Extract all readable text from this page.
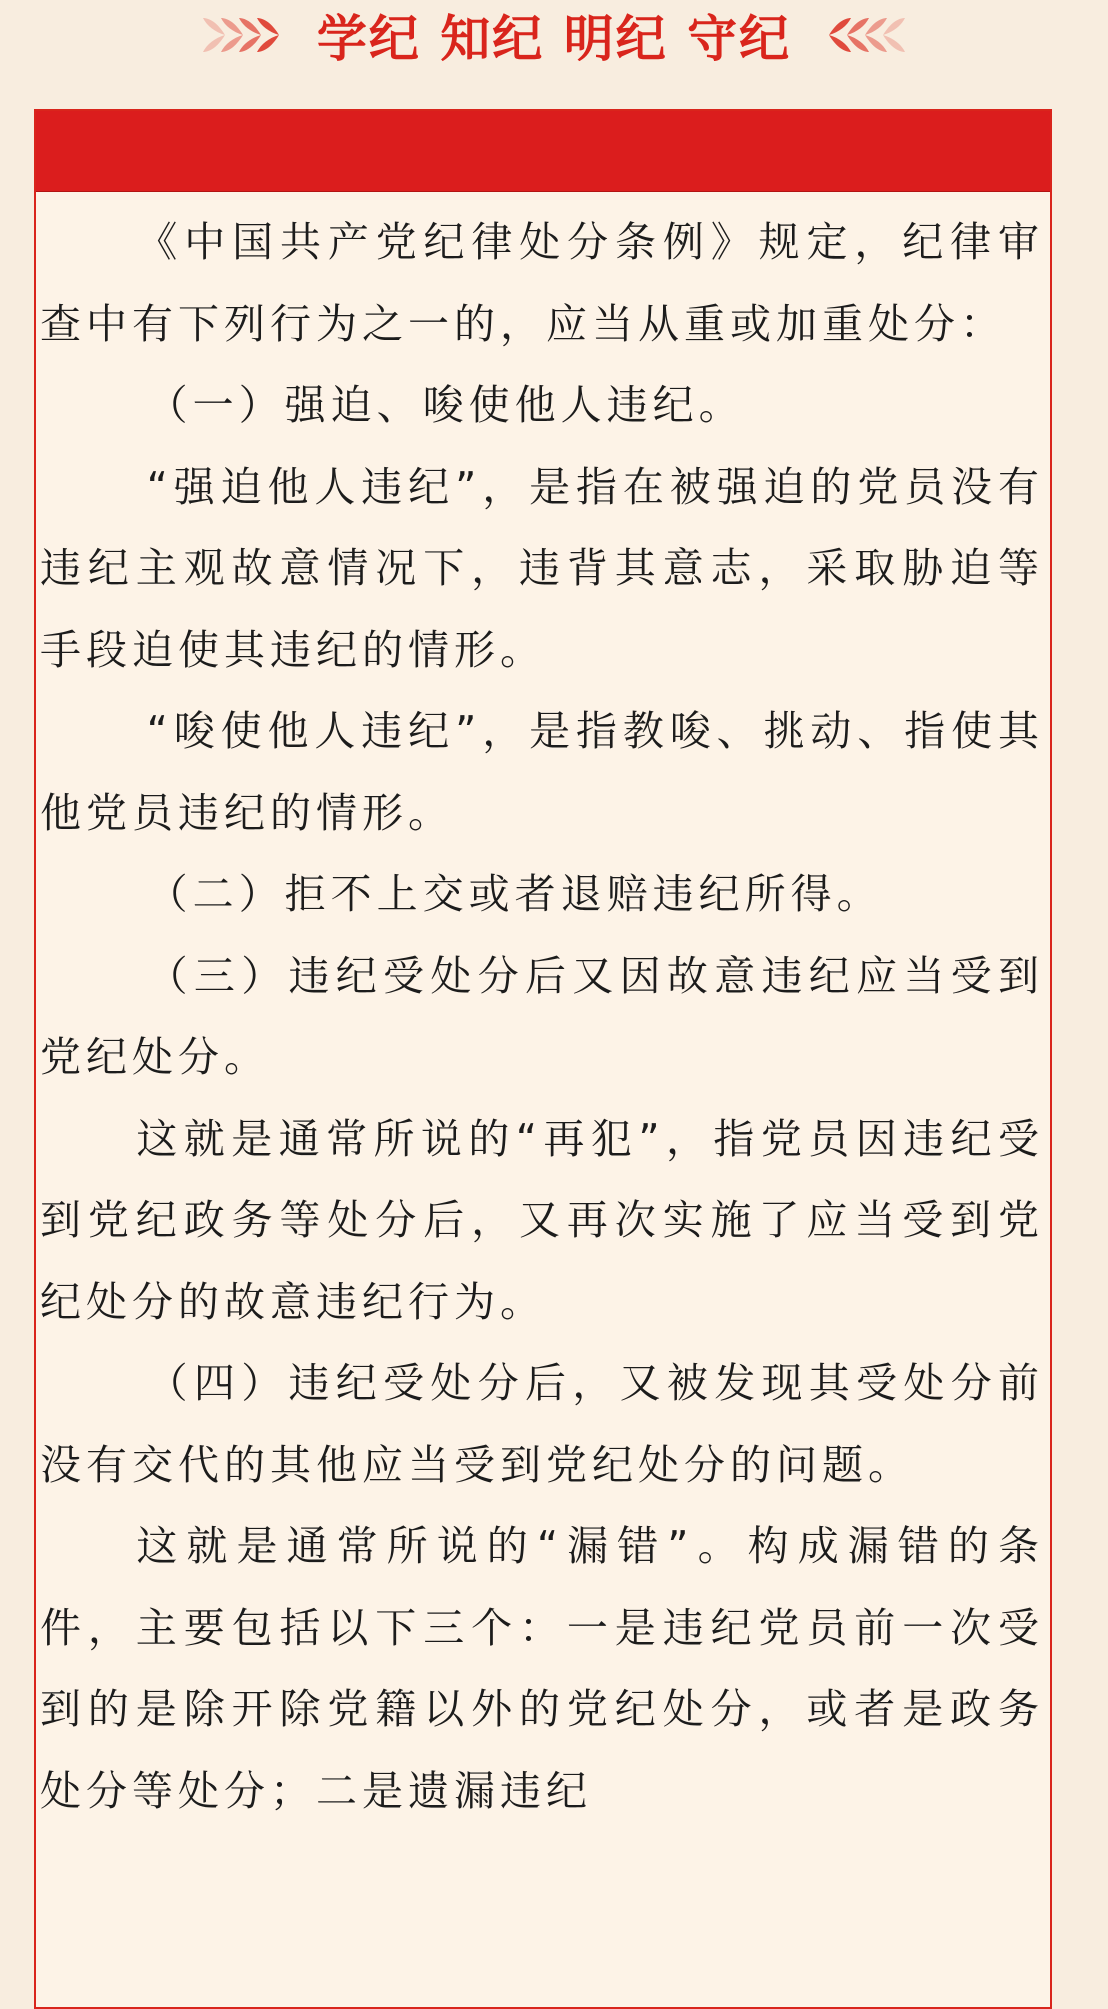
学纪 知纪 明纪 守纪

《中国共产党纪律处分条例》规定，纪律审查中有下列行为之一的，应当从重或加重处分：

（一）强迫、唆使他人违纪。

“强迫他人违纪”，是指在被强迫的党员没有违纪主观故意情况下，违背其意志，采取胁迫等手段迫使其违纪的情形。

“唆使他人违纪”，是指教唆、挑动、指使其他党员违纪的情形。

（二）拒不上交或者退赔违纪所得。

（三）违纪受处分后又因故意违纪应当受到党纪处分。

这就是通常所说的“再犯”，指党员因违纪受到党纪政务等处分后，又再次实施了应当受到党纪处分的故意违纪行为。

（四）违纪受处分后，又被发现其受处分前没有交代的其他应当受到党纪处分的问题。

这就是通常所说的“漏错”。构成漏错的条件，主要包括以下三个：一是违纪党员前一次受到的是除开除党籍以外的党纪处分，或者是政务处分等处分；二是遗漏违纪
